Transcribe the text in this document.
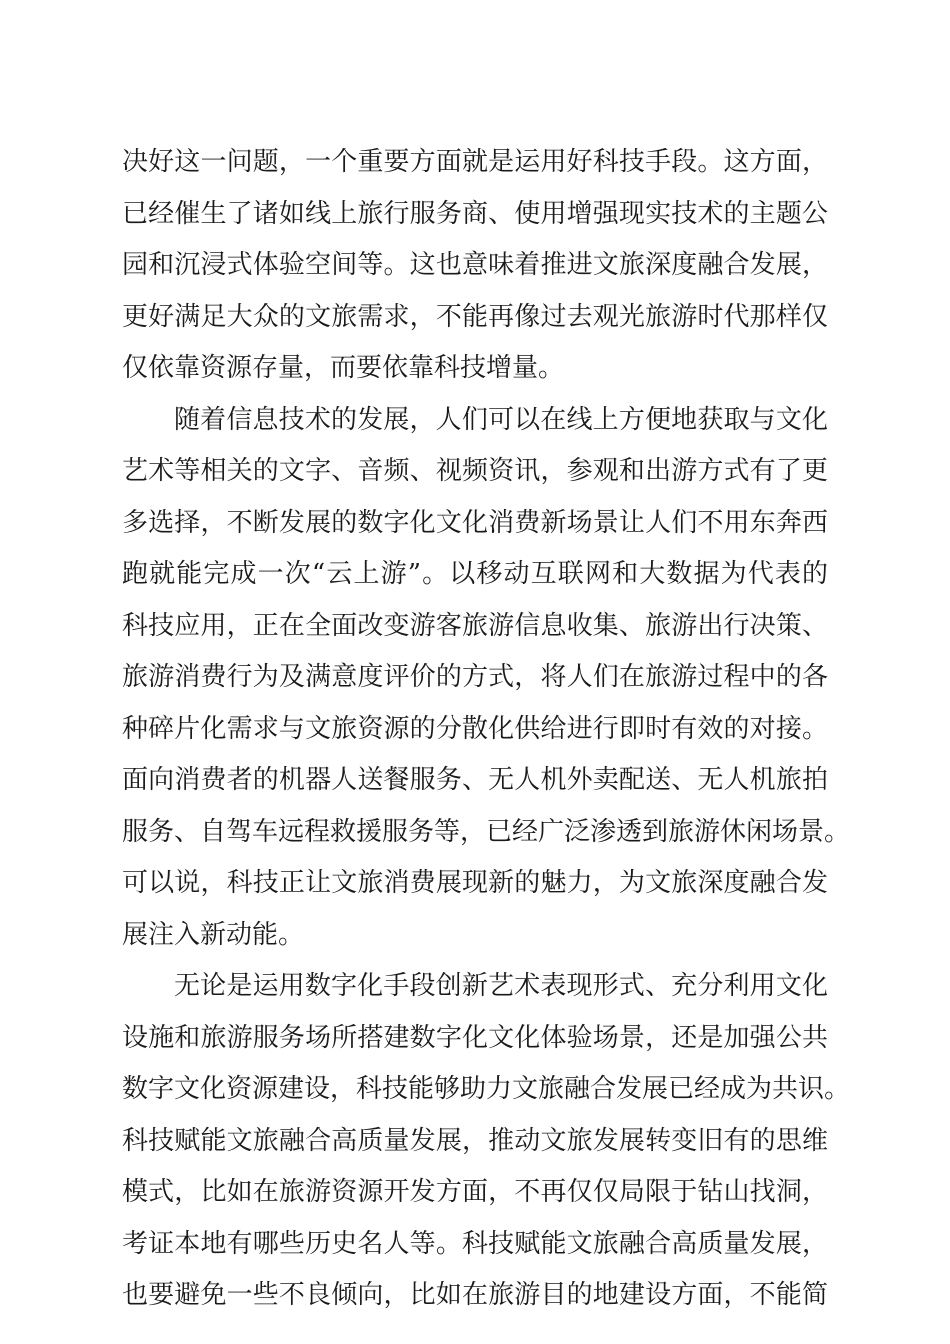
决好这一问题，一个重要方面就是运用好科技手段。这方面，
已经催生了诸如线上旅行服务商、使用增强现实技术的主题公
园和沉浸式体验空间等。这也意味着推进文旅深度融合发展，
更好满足大众的文旅需求，不能再像过去观光旅游时代那样仅
仅依靠资源存量，而要依靠科技增量。
随着信息技术的发展，人们可以在线上方便地获取与文化
艺术等相关的文字、音频、视频资讯，参观和出游方式有了更
多选择，不断发展的数字化文化消费新场景让人们不用东奔西
跑就能完成一次“云上游”。以移动互联网和大数据为代表的
科技应用，正在全面改变游客旅游信息收集、旅游出行决策、
旅游消费行为及满意度评价的方式，将人们在旅游过程中的各
种碎片化需求与文旅资源的分散化供给进行即时有效的对接。
面向消费者的机器人送餐服务、无人机外卖配送、无人机旅拍
服务、自驾车远程救援服务等，已经广泛渗透到旅游休闲场景。
可以说，科技正让文旅消费展现新的魅力，为文旅深度融合发
展注入新动能。
无论是运用数字化手段创新艺术表现形式、充分利用文化
设施和旅游服务场所搭建数字化文化体验场景，还是加强公共
数字文化资源建设，科技能够助力文旅融合发展已经成为共识。
科技赋能文旅融合高质量发展，推动文旅发展转变旧有的思维
模式，比如在旅游资源开发方面，不再仅仅局限于钻山找洞，
考证本地有哪些历史名人等。科技赋能文旅融合高质量发展，
也要避免一些不良倾向，比如在旅游目的地建设方面，不能简
